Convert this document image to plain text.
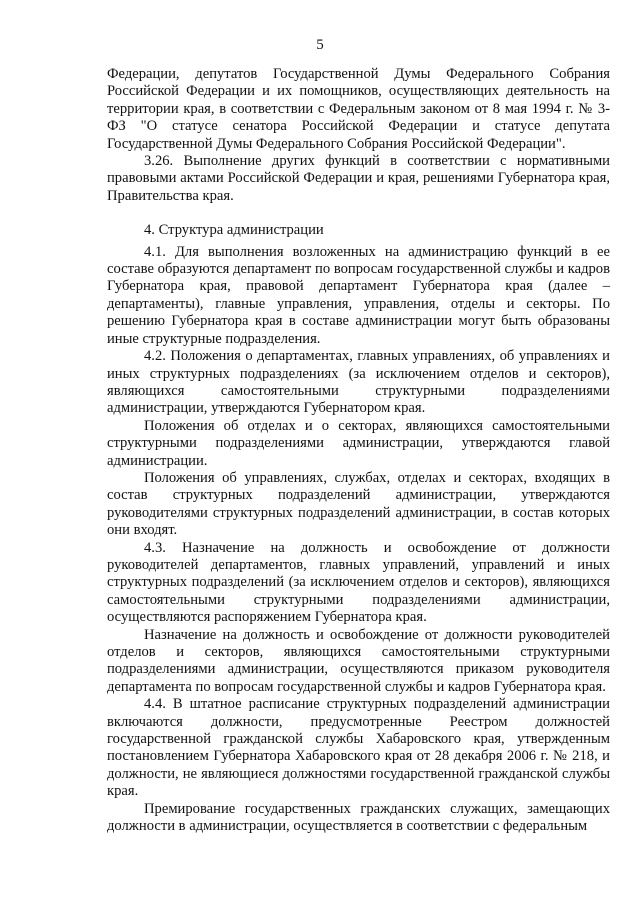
5

Федерации, депутатов Государственной Думы Федерального Собрания Российской Федерации и их помощников, осуществляющих деятельность на территории края, в соответствии с Федеральным законом от 8 мая 1994 г. № 3-ФЗ "О статусе сенатора Российской Федерации и статусе депутата Государственной Думы Федерального Собрания Российской Федерации".

3.26. Выполнение других функций в соответствии с нормативными правовыми актами Российской Федерации и края, решениями Губернатора края, Правительства края.

4. Структура администрации

4.1. Для выполнения возложенных на администрацию функций в ее составе образуются департамент по вопросам государственной службы и кадров Губернатора края, правовой департамент Губернатора края (далее – департаменты), главные управления, управления, отделы и секторы. По решению Губернатора края в составе администрации могут быть образованы иные структурные подразделения.

4.2. Положения о департаментах, главных управлениях, об управлениях и иных структурных подразделениях (за исключением отделов и секторов), являющихся самостоятельными структурными подразделениями администрации, утверждаются Губернатором края.

Положения об отделах и о секторах, являющихся самостоятельными структурными подразделениями администрации, утверждаются главой администрации.

Положения об управлениях, службах, отделах и секторах, входящих в состав структурных подразделений администрации, утверждаются руководителями структурных подразделений администрации, в состав которых они входят.

4.3. Назначение на должность и освобождение от должности руководителей департаментов, главных управлений, управлений и иных структурных подразделений (за исключением отделов и секторов), являющихся самостоятельными структурными подразделениями администрации, осуществляются распоряжением Губернатора края.

Назначение на должность и освобождение от должности руководителей отделов и секторов, являющихся самостоятельными структурными подразделениями администрации, осуществляются приказом руководителя департамента по вопросам государственной службы и кадров Губернатора края.

4.4. В штатное расписание структурных подразделений администрации включаются должности, предусмотренные Реестром должностей государственной гражданской службы Хабаровского края, утвержденным постановлением Губернатора Хабаровского края от 28 декабря 2006 г. № 218, и должности, не являющиеся должностями государственной гражданской службы края.

Премирование государственных гражданских служащих, замещающих должности в администрации, осуществляется в соответствии с федеральным
